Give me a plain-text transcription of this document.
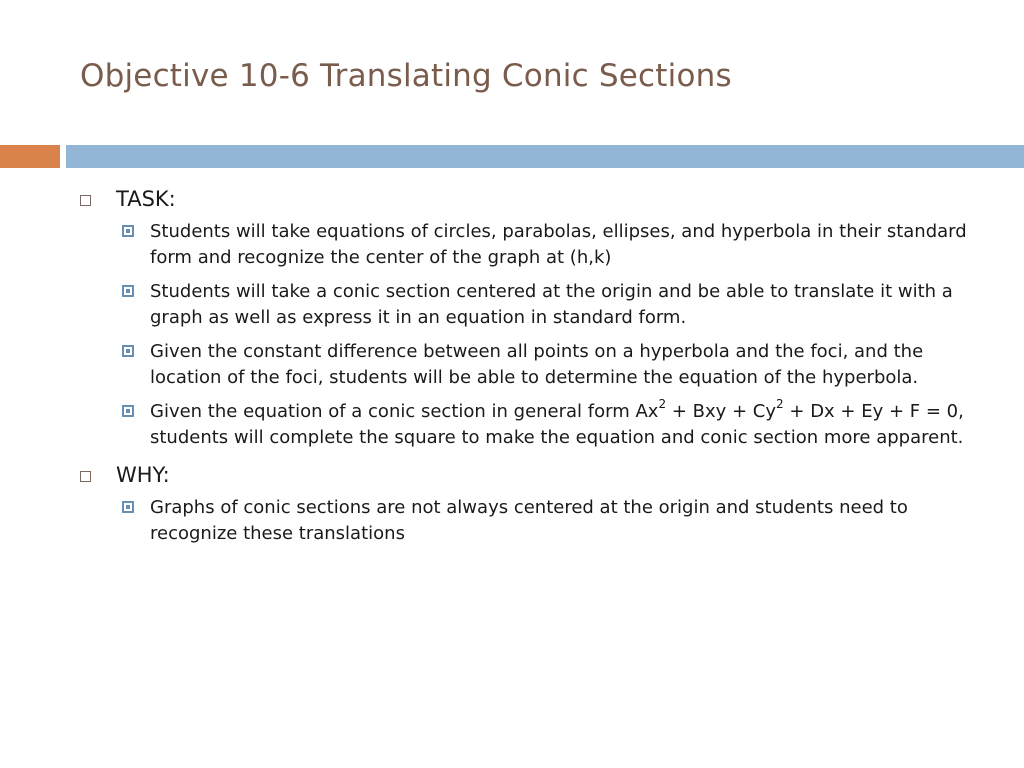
Objective 10-6 Translating Conic Sections
TASK:
Students will take equations of circles, parabolas, ellipses, and hyperbola in their standard form and recognize the center of the graph at (h,k)
Students will take a conic section centered at the origin and be able to translate it with a graph as well as express it in an equation in standard form.
Given the constant difference between all points on a hyperbola and the foci, and the location of the foci, students will be able to determine the equation of the hyperbola.
Given the equation of a conic section in general form $Ax^2$ + Bxy + $Cy^2 + Dx + Ey + F = 0$, students will complete the square to make the equation and conic section more apparent.
WHY:
Graphs of conic sections are not always centered at the origin and students need to recognize these translations
